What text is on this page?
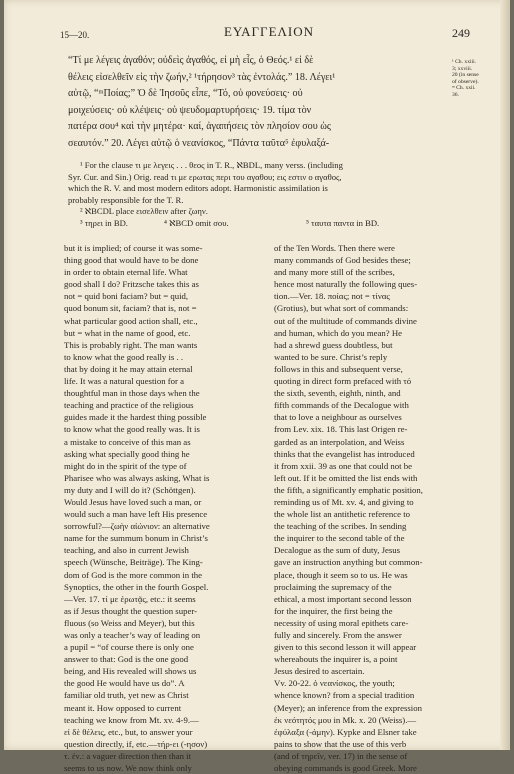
15—20.	ΕΥΑΓΓΕΛΙΟΝ	249
“Τί με λέγεις ἀγαθόν; οὐδεὶς ἀγαθός, εἰ μὴ εἷς, ὁ Θεός.¹ εἰ δὲ
θέλεις εἰσελθεῖν εἰς τὴν ζωήν,² ¹τήρησον³ τὰς ἐντολάς.” 18. Λέγει¹
αὐτῷ, “ᵐΠοίας;” Ὁ δὲ Ἰησοῦς εἶπε, “Τό, οὐ φονεύσεις· οὐ
μοιχεύσεις· οὐ κλέψεις· οὐ ψευδομαρτυρήσεις· 19. τίμα τὸν
πατέρα σου⁴ καὶ τὴν μητέρα· καί, ἀγαπήσεις τὸν πλησίον σου ὡς
σεαυτόν.” 20. Λέγει αὐτῷ ὁ νεανίσκος, “Πάντα ταῦτα⁵ ἐφυλαξά-
¹ Ch. xxiii.
3; xxviii.
20 (in sense
of observe).
ᵐ Ch. xxii.
36.
¹ For the clause τι με λεγεις . . . θεος in T. R., ℵBDL, many verss. (including
Syr. Cur. and Sin.) Orig. read τι με ερωτας περι του αγαθου; εις εστιν ο αγαθος,
which the R. V. and most modern editors adopt. Harmonistic assimilation is
probably responsible for the T. R.
² ℵBCDL place εισελθειν after ζωην.
³ τηρει in BD.	⁴ ℵBCD omit σου.	⁵ ταυτα παντα in BD.
but it is implied; of course it was some-
thing good that would have to be done
in order to obtain eternal life. What
good shall I do? Fritzsche takes this as
not = quid boni faciam? but = quid,
quod bonum sit, faciam? that is, not =
what particular good action shall, etc.,
but = what in the name of good, etc.
This is probably right. The man wants
to know what the good really is . .
that by doing it he may attain eternal
life. It was a natural question for a
thoughtful man in those days when the
teaching and practice of the religious
guides made it the hardest thing possible
to know what the good really was. It is
a mistake to conceive of this man as
asking what specially good thing he
might do in the spirit of the type of
Pharisee who was always asking, What is
my duty and I will do it? (Schöttgen).
Would Jesus have loved such a man, or
would such a man have left His presence
sorrowful?—ζωὴν αἰώνιον: an alternative
name for the summum bonum in Christ’s
teaching, and also in current Jewish
speech (Wünsche, Beiträge). The King-
dom of God is the more common in the
Synoptics, the other in the fourth Gospel.
—Ver. 17. τί με ἐρωτᾷς, etc.: it seems
as if Jesus thought the question super-
fluous (so Weiss and Meyer), but this
was only a teacher’s way of leading on
a pupil = “of course there is only one
answer to that: God is the one good
being, and His revealed will shows us
the good He would have us do”. A
familiar old truth, yet new as Christ
meant it. How opposed to current
teaching we know from Mt. xv. 4-9.—
εἰ δὲ θέλεις, etc., but, to answer your
question directly, if, etc.—τήρ-ει (-ησον)
τ. ἐν.: a vaguer direction then than it
seems to us now. We now think only
of the Ten Words. Then there were
many commands of God besides these;
and many more still of the scribes,
hence most naturally the following ques-
tion.—Ver. 18. ποίας; not = τίνας
(Grotius), but what sort of commands:
out of the multitude of commands divine
and human, which do you mean? He
had a shrewd guess doubtless, but
wanted to be sure. Christ’s reply
follows in this and subsequent verse,
quoting in direct form prefaced with τό
the sixth, seventh, eighth, ninth, and
fifth commands of the Decalogue with
that to love a neighbour as ourselves
from Lev. xix. 18. This last Origen re-
garded as an interpolation, and Weiss
thinks that the evangelist has introduced
it from xxii. 39 as one that could not be
left out. If it be omitted the list ends with
the fifth, a significantly emphatic position,
reminding us of Mt. xv. 4, and giving to
the whole list an antithetic reference to
the teaching of the scribes. In sending
the inquirer to the second table of the
Decalogue as the sum of duty, Jesus
gave an instruction anything but common-
place, though it seem so to us. He was
proclaiming the supremacy of the
ethical, a most important second lesson
for the inquirer, the first being the
necessity of using moral epithets care-
fully and sincerely. From the answer
given to this second lesson it will appear
whereabouts the inquirer is, a point
Jesus desired to ascertain.
Vv. 20-22. ὁ νεανίσκος, the youth;
whence known? from a special tradition
(Meyer); an inference from the expression
ἐκ νεότητός μου in Mk. x. 20 (Weiss).—
ἐφύλαξα (-άμην). Kypke and Elsner take
pains to show that the use of this verb
(and of τηρεῖν, ver. 17) in the sense of
obeying commands is good Greek. More
